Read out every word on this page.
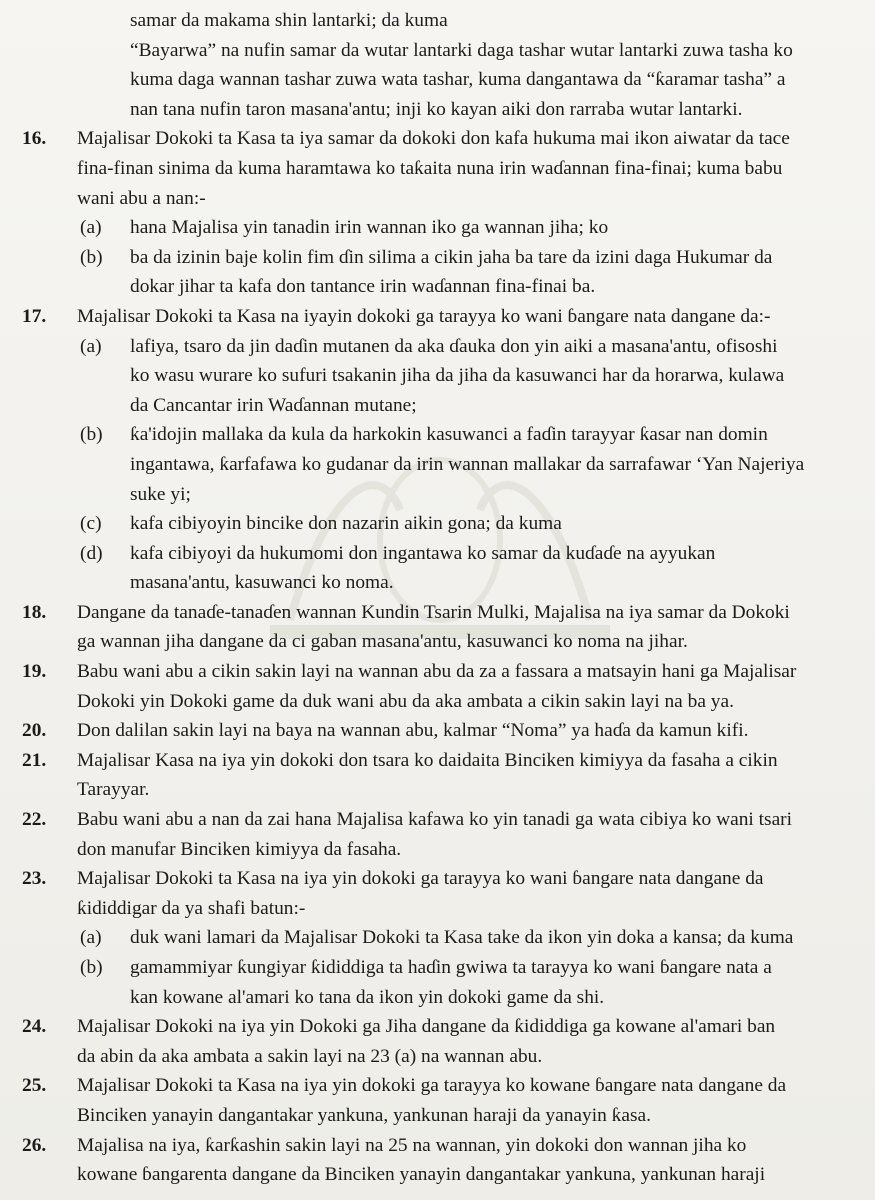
samar da makama shin lantarki; da kuma
“Bayarwa” na nufin samar da wutar lantarki daga tashar wutar lantarki zuwa tasha ko
kuma daga wannan tashar zuwa wata tashar, kuma dangantawa da “ƙaramar tasha” a
nan tana nufin taron masana'antu; inji ko kayan aiki don rarraba wutar lantarki.
16.	Majalisar Dokoki ta Kasa ta iya samar da dokoki don kafa hukuma mai ikon aiwatar da tace
fina-finan sinima da kuma haramtawa ko taƙaita nuna irin waɗannan fina-finai; kuma babu
wani abu a nan:-
(a)	hana Majalisa yin tanadin irin wannan iko ga wannan jiha; ko
(b)	ba da izinin baje kolin fim ɗin silima a cikin jaha ba tare da izini daga Hukumar da
dokar jihar ta kafa don tantance irin waɗannan fina-finai ba.
17.	Majalisar Dokoki ta Kasa na iyayin dokoki ga tarayya ko wani ɓangare nata dangane da:-
(a)	lafiya, tsaro da jin daɗin mutanen da aka ɗauka don yin aiki a masana'antu, ofisoshi
ko wasu wurare ko sufuri tsakanin jiha da jiha da kasuwanci har da horarwa, kulawa
da Cancantar irin Waɗannan mutane;
(b)	ƙa'idojin mallaka da kula da harkokin kasuwanci a faɗin tarayyar ƙasar nan domin
ingantawa, ƙarfafawa ko gudanar da irin wannan mallakar da sarrafawar ‘Yan Najeriya
suke yi;
(c)	kafa cibiyoyin bincike don nazarin aikin gona; da kuma
(d)	kafa cibiyoyi da hukumomi don ingantawa ko samar da kuɗaɗe na ayyukan
masana'antu, kasuwanci ko noma.
18.	Dangane da tanaɗe-tanaɗen wannan Kundin Tsarin Mulki, Majalisa na iya samar da Dokoki
ga wannan jiha dangane da ci gaban masana'antu, kasuwanci ko noma na jihar.
19.	Babu wani abu a cikin sakin layi na wannan abu da za a fassara a matsayin hani ga Majalisar
Dokoki yin Dokoki game da duk wani abu da aka ambata a cikin sakin layi na ba ya.
20.	Don dalilan sakin layi na baya na wannan abu, kalmar “Noma” ya haɗa da kamun kifi.
21.	Majalisar Kasa na iya yin dokoki don tsara ko daidaita Binciken kimiyya da fasaha a cikin
Tarayyar.
22.	Babu wani abu a nan da zai hana Majalisa kafawa ko yin tanadi ga wata cibiya ko wani tsari
don manufar Binciken kimiyya da fasaha.
23.	Majalisar Dokoki ta Kasa na iya yin dokoki ga tarayya ko wani ɓangare nata dangane da
ƙididdigar da ya shafi batun:-
(a)	duk wani lamari da Majalisar Dokoki ta Kasa take da ikon yin doka a kansa; da kuma
(b)	gamammiyar ƙungiyar ƙididdiga ta haɗin gwiwa ta tarayya ko wani ɓangare nata a
kan kowane al'amari ko tana da ikon yin dokoki game da shi.
24.	Majalisar Dokoki na iya yin Dokoki ga Jiha dangane da ƙididdiga ga kowane al'amari ban
da abin da aka ambata a sakin layi na 23 (a) na wannan abu.
25.	Majalisar Dokoki ta Kasa na iya yin dokoki ga tarayya ko kowane ɓangare nata dangane da
Binciken yanayin dangantakar yankuna, yankunan haraji da yanayin ƙasa.
26.	Majalisa na iya, ƙarƙashin sakin layi na 25 na wannan, yin dokoki don wannan jiha ko
kowane ɓangarenta dangane da Binciken yanayin dangantakar yankuna, yankunan haraji
